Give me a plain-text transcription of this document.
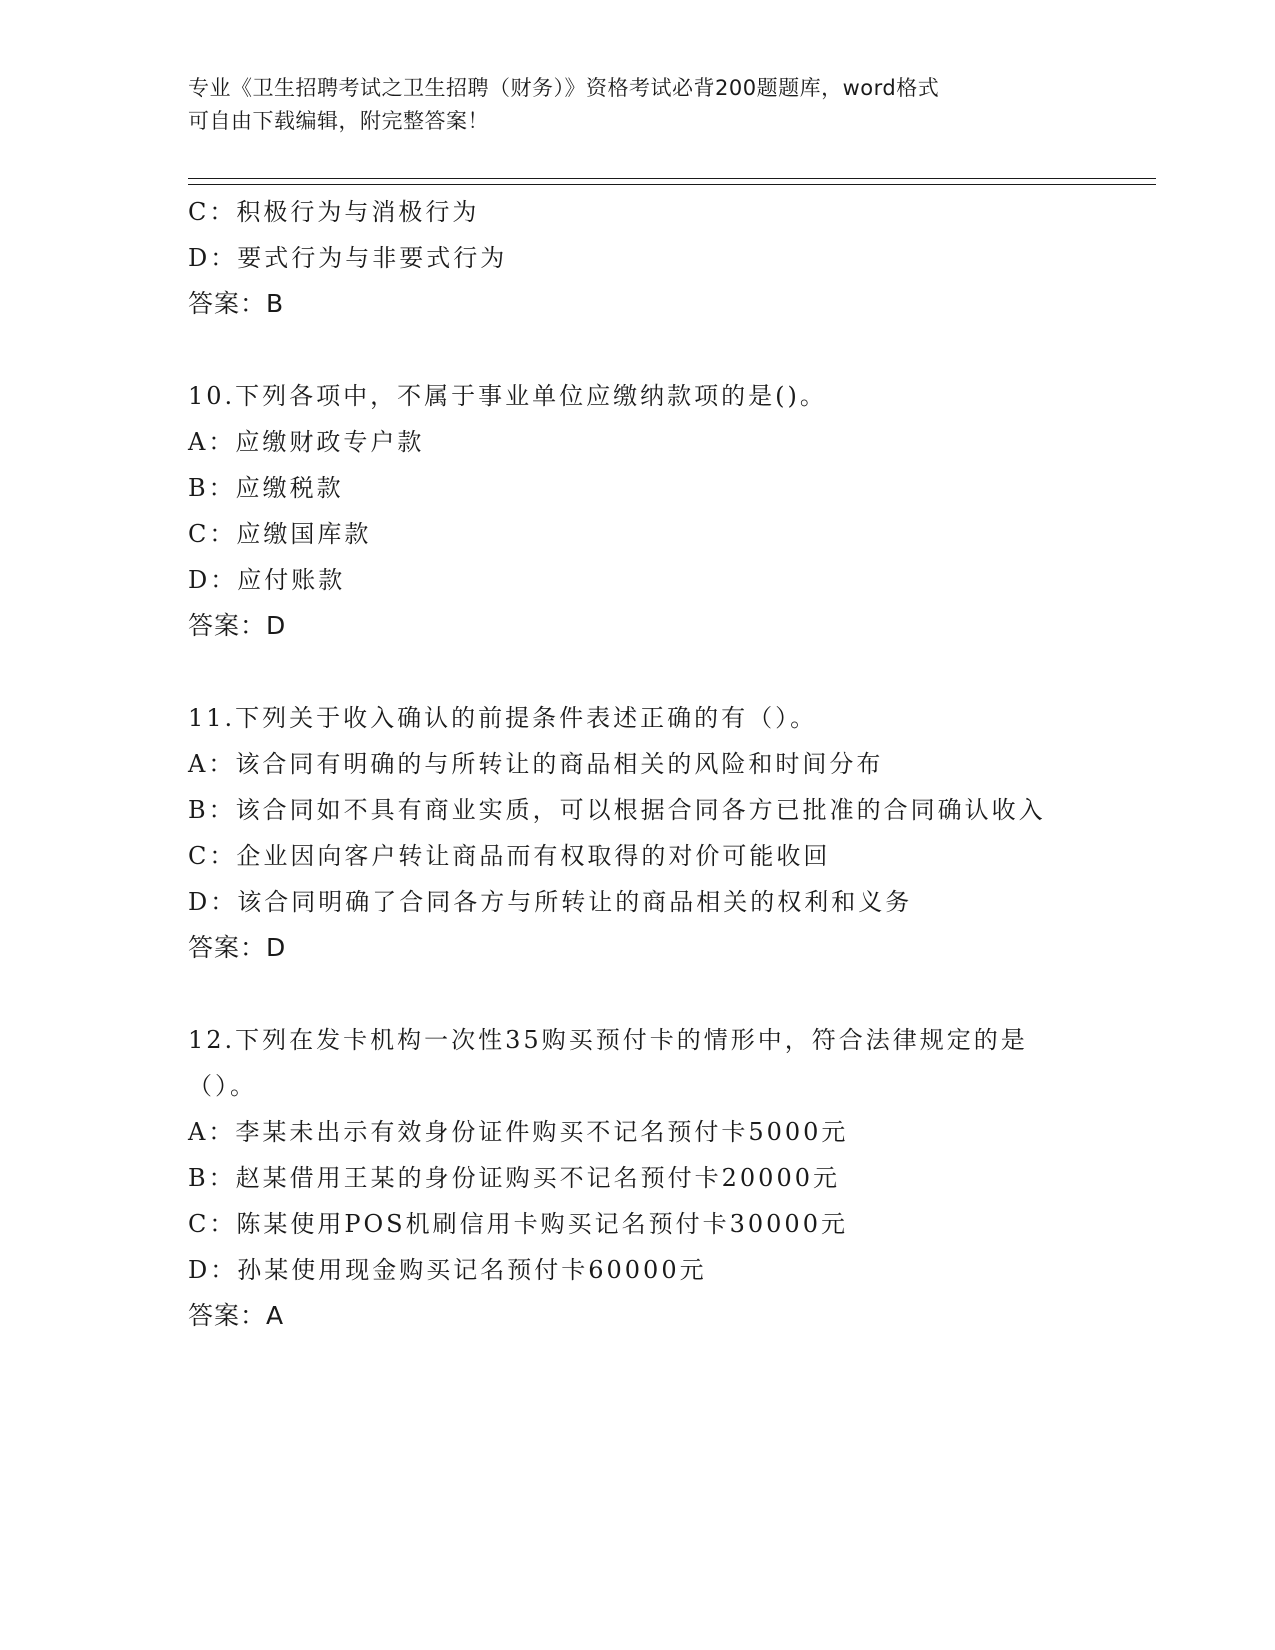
专业《卫生招聘考试之卫生招聘（财务）》资格考试必背200题题库，word格式
可自由下载编辑，附完整答案！
C：积极行为与消极行为
D：要式行为与非要式行为
答案：B
10.下列各项中，不属于事业单位应缴纳款项的是()。
A：应缴财政专户款
B：应缴税款
C：应缴国库款
D：应付账款
答案：D
11.下列关于收入确认的前提条件表述正确的有（）。
A：该合同有明确的与所转让的商品相关的风险和时间分布
B：该合同如不具有商业实质，可以根据合同各方已批准的合同确认收入
C：企业因向客户转让商品而有权取得的对价可能收回
D：该合同明确了合同各方与所转让的商品相关的权利和义务
答案：D
12.下列在发卡机构一次性35购买预付卡的情形中，符合法律规定的是（）。
A：李某未出示有效身份证件购买不记名预付卡5000元
B：赵某借用王某的身份证购买不记名预付卡20000元
C：陈某使用POS机刷信用卡购买记名预付卡30000元
D：孙某使用现金购买记名预付卡60000元
答案：A
